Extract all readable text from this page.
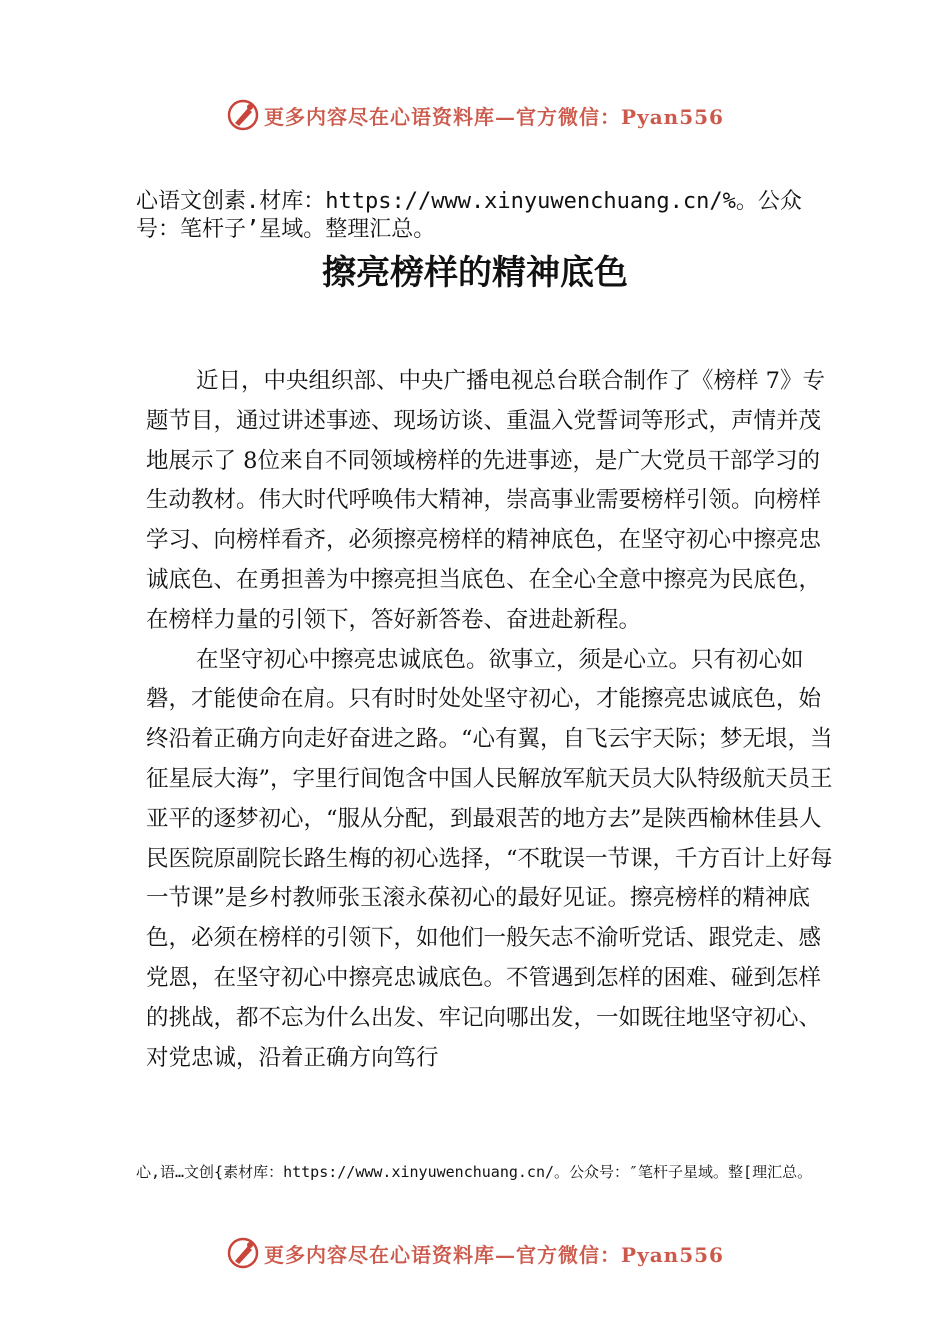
更多内容尽在心语资料库—官方微信：Pyan556
心语文创素.材库：https://www.xinyuwenchuang.cn/%。公众号：笔杆子’星域。整理汇总。
擦亮榜样的精神底色

近日，中央组织部、中央广播电视总台联合制作了《榜样 7》专题节目，通过讲述事迹、现场访谈、重温入党誓词等形式，声情并茂地展示了 8位来自不同领域榜样的先进事迹，是广大党员干部学习的生动教材。伟大时代呼唤伟大精神，崇高事业需要榜样引领。向榜样学习、向榜样看齐，必须擦亮榜样的精神底色，在坚守初心中擦亮忠诚底色、在勇担善为中擦亮担当底色、在全心全意中擦亮为民底色，在榜样力量的引领下，答好新答卷、奋进赴新程。

在坚守初心中擦亮忠诚底色。欲事立，须是心立。只有初心如磐，才能使命在肩。只有时时处处坚守初心，才能擦亮忠诚底色，始终沿着正确方向走好奋进之路。“心有翼，自飞云宇天际；梦无垠，当征星辰大海”，字里行间饱含中国人民解放军航天员大队特级航天员王亚平的逐梦初心，“服从分配，到最艰苦的地方去”是陕西榆林佳县人民医院原副院长路生梅的初心选择，“不耽误一节课，千方百计上好每一节课”是乡村教师张玉滚永葆初心的最好见证。擦亮榜样的精神底色，必须在榜样的引领下，如他们一般矢志不渝听党话、跟党走、感党恩，在坚守初心中擦亮忠诚底色。不管遇到怎样的困难、碰到怎样的挑战，都不忘为什么出发、牢记向哪出发，一如既往地坚守初心、对党忠诚，沿着正确方向笃行

心,语…文创{素材库：https://www.xinyuwenchuang.cn/。公众号：″笔杆子星域。整[理汇总。
更多内容尽在心语资料库—官方微信：Pyan556
